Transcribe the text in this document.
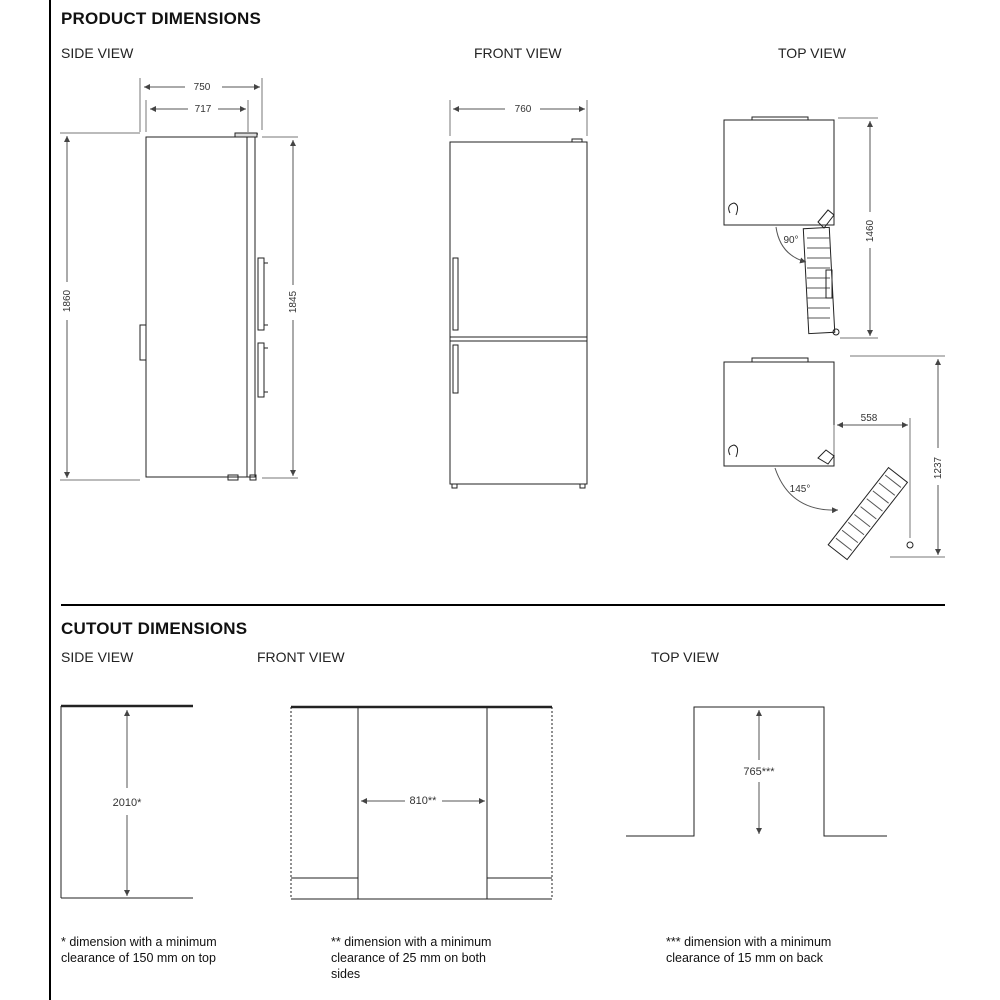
PRODUCT DIMENSIONS
SIDE VIEW	FRONT VIEW	TOP VIEW
CUTOUT DIMENSIONS
SIDE VIEW	FRONT VIEW	TOP VIEW
* dimension with a minimum
clearance of 150 mm on top
** dimension with a minimum
clearance of 25 mm on both
sides
*** dimension with a minimum
clearance of 15 mm on back
750
717
1860	1845
760
90°	1460
145°
558
1237
2010*	810**
765***
